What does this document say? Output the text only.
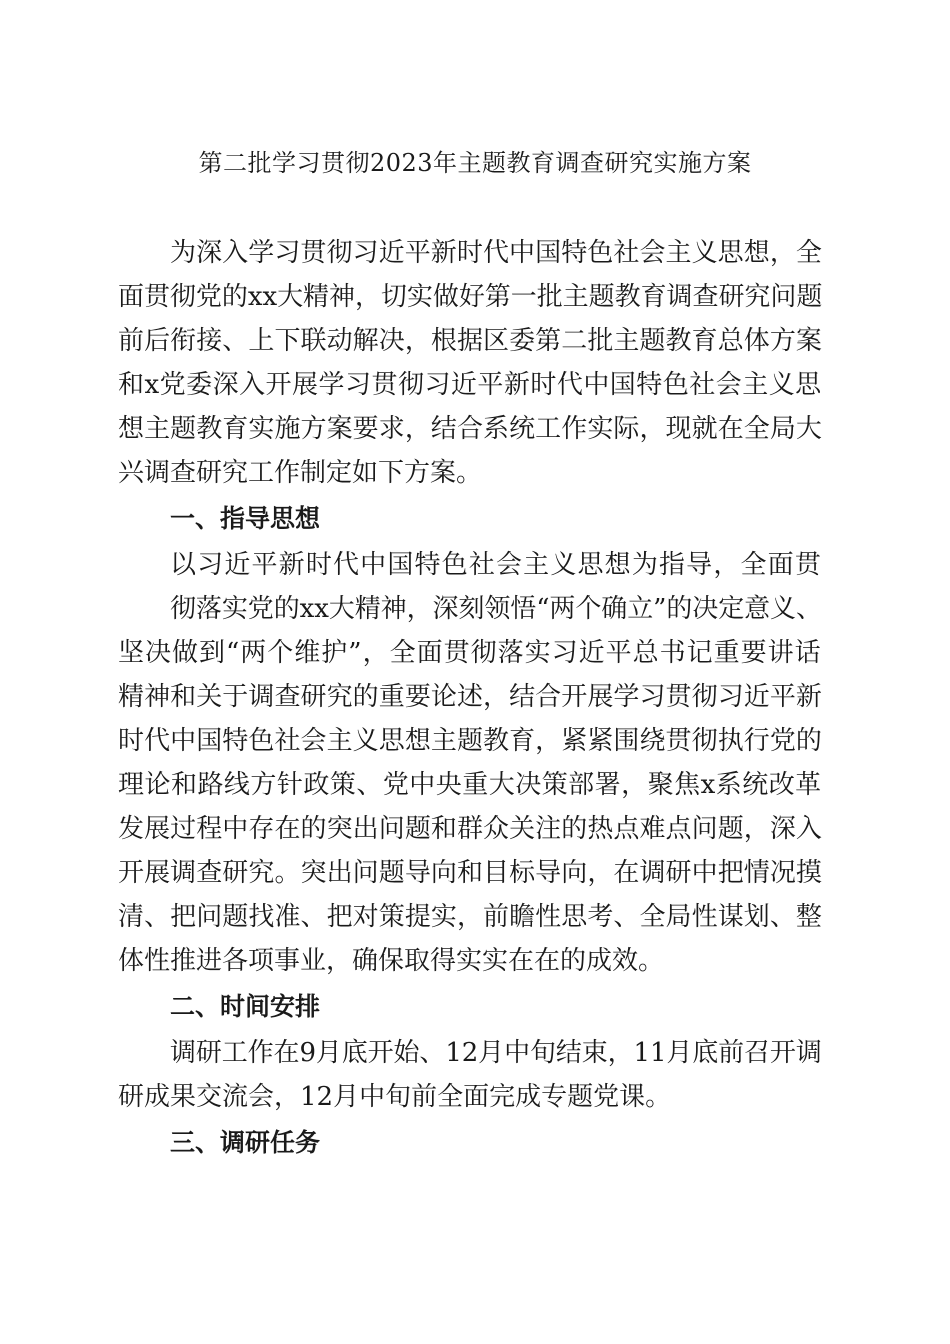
第二批学习贯彻2023年主题教育调查研究实施方案
为深入学习贯彻习近平新时代中国特色社会主义思想，全
面贯彻党的xx大精神，切实做好第一批主题教育调查研究问题
前后衔接、上下联动解决，根据区委第二批主题教育总体方案
和x党委深入开展学习贯彻习近平新时代中国特色社会主义思
想主题教育实施方案要求，结合系统工作实际，现就在全局大
兴调查研究工作制定如下方案。
一、指导思想
以习近平新时代中国特色社会主义思想为指导，全面贯
彻落实党的xx大精神，深刻领悟“两个确立”的决定意义、
坚决做到“两个维护”，全面贯彻落实习近平总书记重要讲话
精神和关于调查研究的重要论述，结合开展学习贯彻习近平新
时代中国特色社会主义思想主题教育，紧紧围绕贯彻执行党的
理论和路线方针政策、党中央重大决策部署，聚焦x系统改革
发展过程中存在的突出问题和群众关注的热点难点问题，深入
开展调查研究。突出问题导向和目标导向，在调研中把情况摸
清、把问题找准、把对策提实，前瞻性思考、全局性谋划、整
体性推进各项事业，确保取得实实在在的成效。
二、时间安排
调研工作在9月底开始、12月中旬结束，11月底前召开调
研成果交流会，12月中旬前全面完成专题党课。
三、调研任务
